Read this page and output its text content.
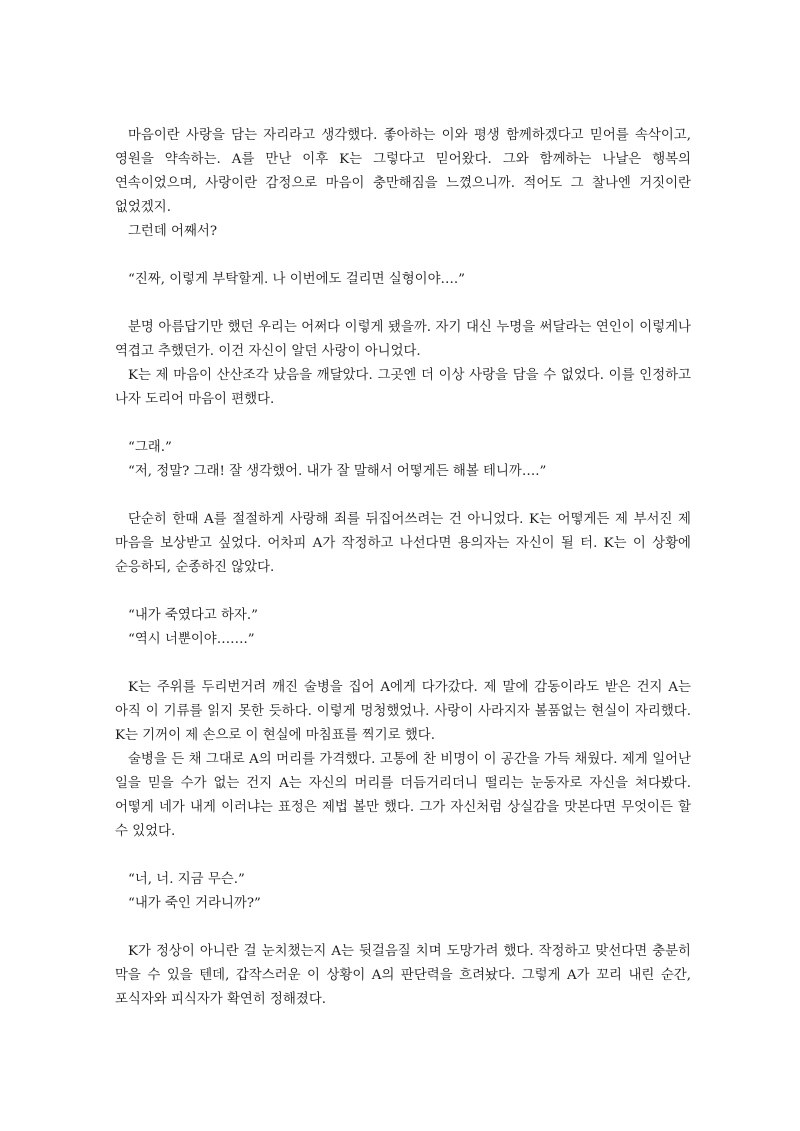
마음이란 사랑을 담는 자리라고 생각했다. 좋아하는 이와 평생 함께하겠다고 믿어를 속삭이고, 영원을 약속하는. A를 만난 이후 K는 그렇다고 믿어왔다. 그와 함께하는 나날은 행복의 연속이었으며, 사랑이란 감정으로 마음이 충만해짐을 느꼈으니까. 적어도 그 찰나엔 거짓이란 없었겠지.

그런데 어째서?

“진짜, 이렇게 부탁할게. 나 이번에도 걸리면 실형이야….”

분명 아름답기만 했던 우리는 어쩌다 이렇게 됐을까. 자기 대신 누명을 써달라는 연인이 이렇게나 역겹고 추했던가. 이건 자신이 알던 사랑이 아니었다.

K는 제 마음이 산산조각 났음을 깨달았다. 그곳엔 더 이상 사랑을 담을 수 없었다. 이를 인정하고 나자 도리어 마음이 편했다.

“그래.”

“저, 정말? 그래! 잘 생각했어. 내가 잘 말해서 어떻게든 해볼 테니까….”

단순히 한때 A를 절절하게 사랑해 죄를 뒤집어쓰려는 건 아니었다. K는 어떻게든 제 부서진 제 마음을 보상받고 싶었다. 어차피 A가 작정하고 나선다면 용의자는 자신이 될 터. K는 이 상황에 순응하되, 순종하진 않았다.

“내가 죽였다고 하자.”

“역시 너뿐이야…….”

K는 주위를 두리번거려 깨진 술병을 집어 A에게 다가갔다. 제 말에 감동이라도 받은 건지 A는 아직 이 기류를 읽지 못한 듯하다. 이렇게 멍청했었나. 사랑이 사라지자 볼품없는 현실이 자리했다. K는 기꺼이 제 손으로 이 현실에 마침표를 찍기로 했다.

술병을 든 채 그대로 A의 머리를 가격했다. 고통에 찬 비명이 이 공간을 가득 채웠다. 제게 일어난 일을 믿을 수가 없는 건지 A는 자신의 머리를 더듬거리더니 떨리는 눈동자로 자신을 쳐다봤다. 어떻게 네가 내게 이러냐는 표정은 제법 볼만 했다. 그가 자신처럼 상실감을 맛본다면 무엇이든 할 수 있었다.

“너, 너. 지금 무슨.”

“내가 죽인 거라니까?”

K가 정상이 아니란 걸 눈치챘는지 A는 뒷걸음질 치며 도망가려 했다. 작정하고 맞선다면 충분히 막을 수 있을 텐데, 갑작스러운 이 상황이 A의 판단력을 흐려놨다. 그렇게 A가 꼬리 내린 순간, 포식자와 피식자가 확연히 정해졌다.
